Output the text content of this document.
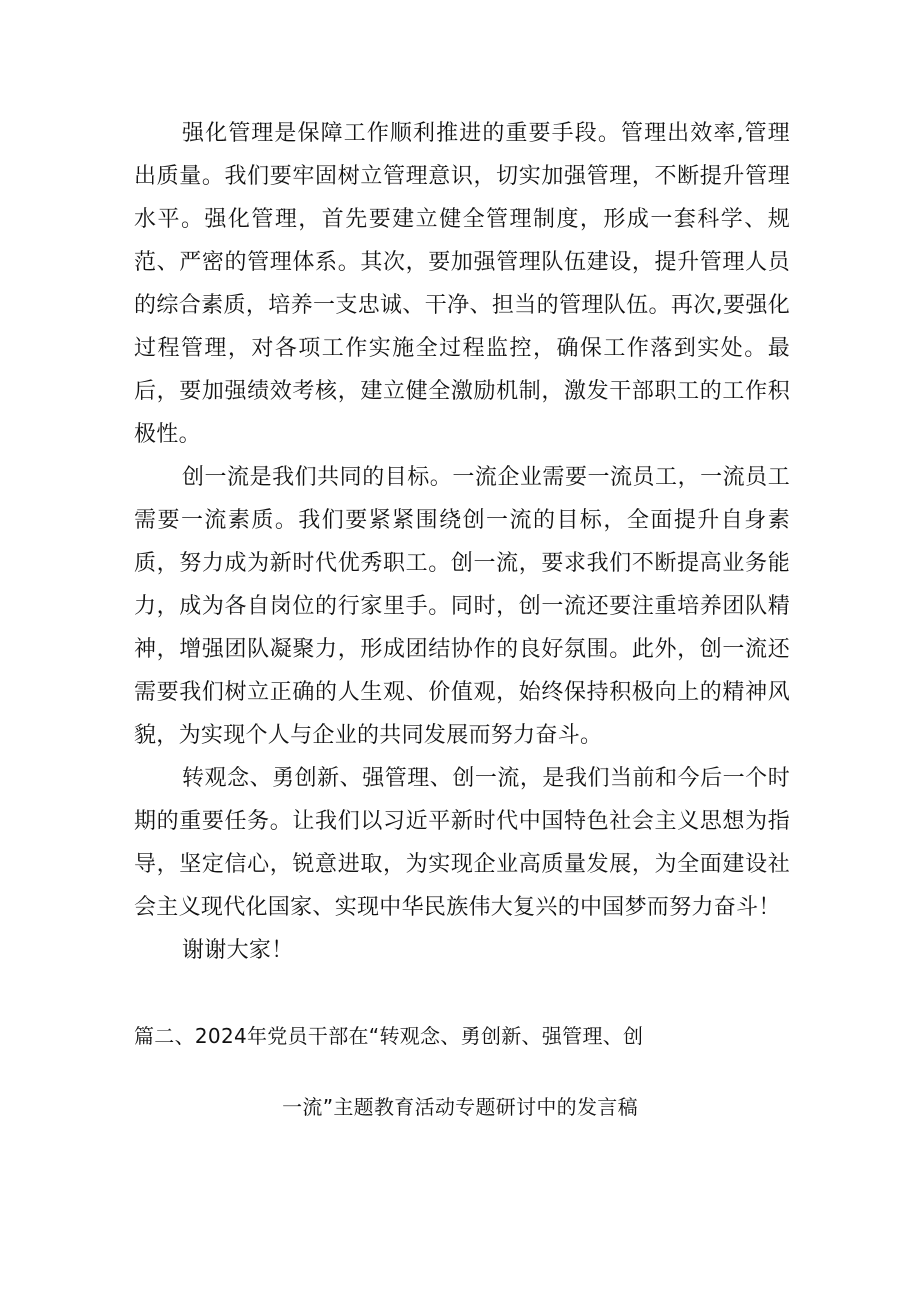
强化管理是保障工作顺利推进的重要手段。管理出效率,管理出质量。我们要牢固树立管理意识，切实加强管理，不断提升管理水平。强化管理，首先要建立健全管理制度，形成一套科学、规范、严密的管理体系。其次，要加强管理队伍建设，提升管理人员的综合素质，培养一支忠诚、干净、担当的管理队伍。再次,要强化过程管理，对各项工作实施全过程监控，确保工作落到实处。最后，要加强绩效考核，建立健全激励机制，激发干部职工的工作积极性。

创一流是我们共同的目标。一流企业需要一流员工，一流员工需要一流素质。我们要紧紧围绕创一流的目标，全面提升自身素质，努力成为新时代优秀职工。创一流，要求我们不断提高业务能力，成为各自岗位的行家里手。同时，创一流还要注重培养团队精神，增强团队凝聚力，形成团结协作的良好氛围。此外，创一流还需要我们树立正确的人生观、价值观，始终保持积极向上的精神风貌，为实现个人与企业的共同发展而努力奋斗。

转观念、勇创新、强管理、创一流，是我们当前和今后一个时期的重要任务。让我们以习近平新时代中国特色社会主义思想为指导，坚定信心，锐意进取，为实现企业高质量发展，为全面建设社会主义现代化国家、实现中华民族伟大复兴的中国梦而努力奋斗！

谢谢大家！

篇二、2024年党员干部在“转观念、勇创新、强管理、创
一流”主题教育活动专题研讨中的发言稿
